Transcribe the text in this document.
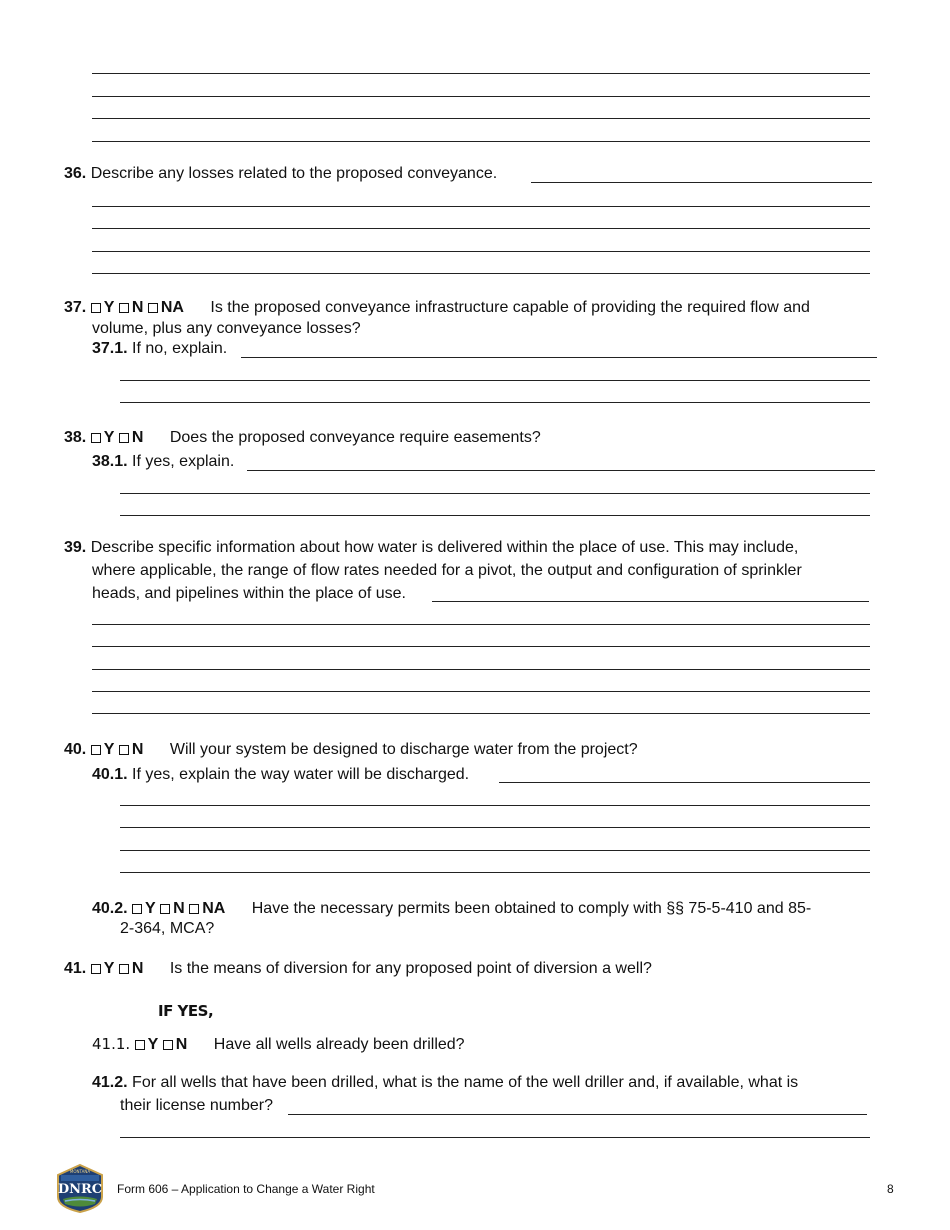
36. Describe any losses related to the proposed conveyance.
37. Y N NA Is the proposed conveyance infrastructure capable of providing the required flow and
volume, plus any conveyance losses?
37.1. If no, explain.
38. Y N Does the proposed conveyance require easements?
38.1. If yes, explain.
39. Describe specific information about how water is delivered within the place of use. This may include,
where applicable, the range of flow rates needed for a pivot, the output and configuration of sprinkler
heads, and pipelines within the place of use.
40. Y N Will your system be designed to discharge water from the project?
40.1. If yes, explain the way water will be discharged.
40.2. Y N NA Have the necessary permits been obtained to comply with §§ 75-5-410 and 85-
2-364, MCA?
41. Y N Is the means of diversion for any proposed point of diversion a well?
IF YES,
41.1. Y N Have all wells already been drilled?
41.2. For all wells that have been drilled, what is the name of the well driller and, if available, what is
their license number?
MONTANA
DNRC Form 606 – Application to Change a Water Right	8
